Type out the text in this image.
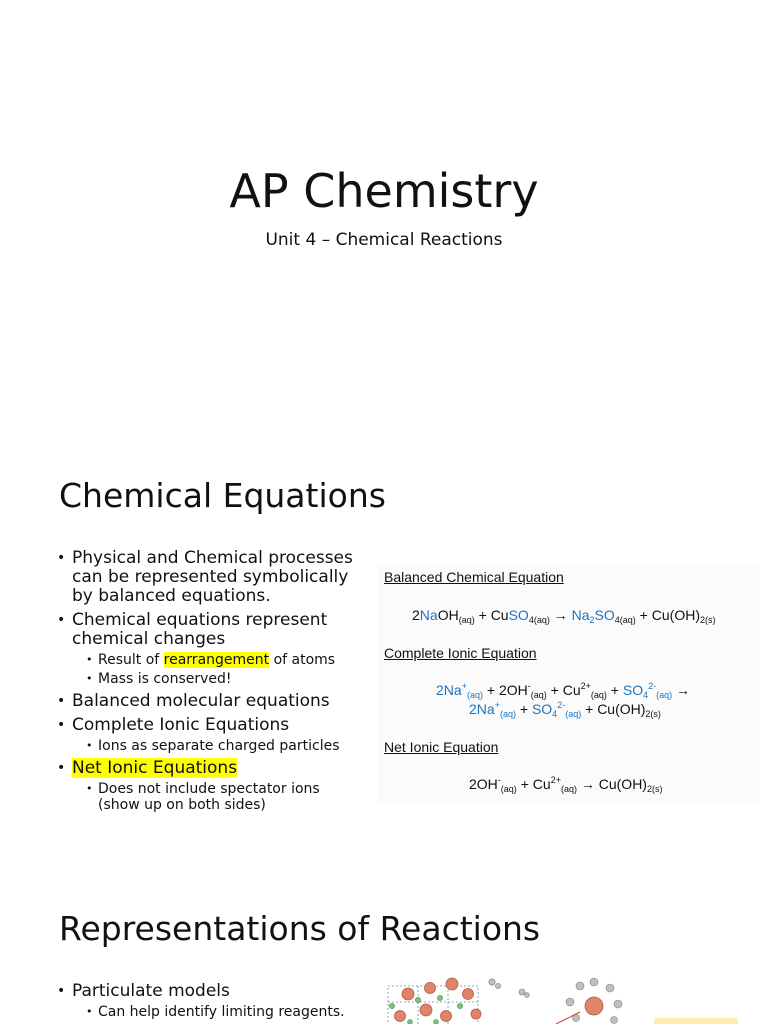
AP Chemistry

Unit 4 – Chemical Reactions

Chemical Equations
• Physical and Chemical processes can be represented symbolically by balanced equations.
• Chemical equations represent chemical changes
• Result of rearrangement of atoms
• Mass is conserved!
• Balanced molecular equations
• Complete Ionic Equations
• Ions as separate charged particles
• Net Ionic Equations
• Does not include spectator ions (show up on both sides)
Balanced Chemical Equation
2NaOH$_{(aq)}$ + CuSO$_{4(aq)}$ → $Na_2SO_{4(aq)} + Cu(OH)_{2(s)}$
Complete Ionic Equation
$2Na^+_{(aq)} + 2OH^-_{(aq)} + Cu^{2+}_{(aq)} + SO_4^{2-}_{(aq)}$ →
$2Na^+_{(aq)} + SO_4^{2-}_{(aq)} + Cu(OH)_{2(s)}$
Net Ionic Equation
$2OH^-_{(aq)} + Cu^{2+}_{(aq)} \to Cu(OH)_{2(s)}$
Representations of Reactions
• Particulate models
• Can help identify limiting reagents.
